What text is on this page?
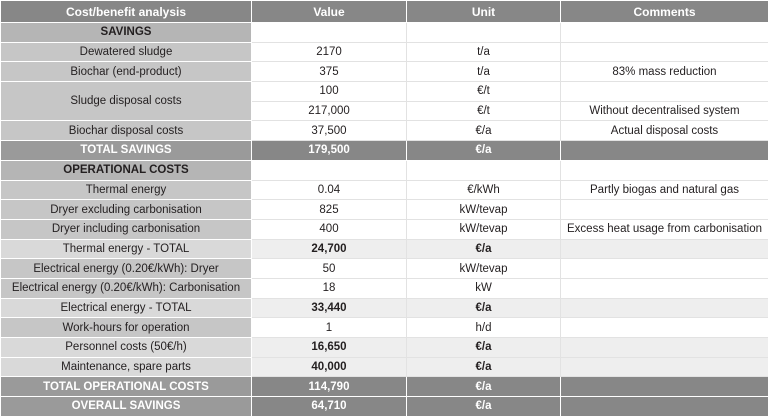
Cost/benefit analysis	Value	Unit	Comments
SAVINGS			
Dewatered sludge	2170	t/a	
Biochar (end-product)	375	t/a	83% mass reduction
Sludge disposal costs	100	€/t	
	217,000	€/t	Without decentralised system
Biochar disposal costs	37,500	€/a	Actual disposal costs
TOTAL SAVINGS	179,500	€/a	
OPERATIONAL COSTS			
Thermal energy	0.04	€/kWh	Partly biogas and natural gas
Dryer excluding carbonisation	825	kW/tevap	
Dryer including carbonisation	400	kW/tevap	Excess heat usage from carbonisation
Thermal energy - TOTAL	24,700	€/a	
Electrical energy (0.20€/kWh): Dryer	50	kW/tevap	
Electrical energy (0.20€/kWh): Carbonisation	18	kW	
Electrical energy - TOTAL	33,440	€/a	
Work-hours for operation	1	h/d	
Personnel costs (50€/h)	16,650	€/a	
Maintenance, spare parts	40,000	€/a	
TOTAL OPERATIONAL COSTS	114,790	€/a	
OVERALL SAVINGS	64,710	€/a	
